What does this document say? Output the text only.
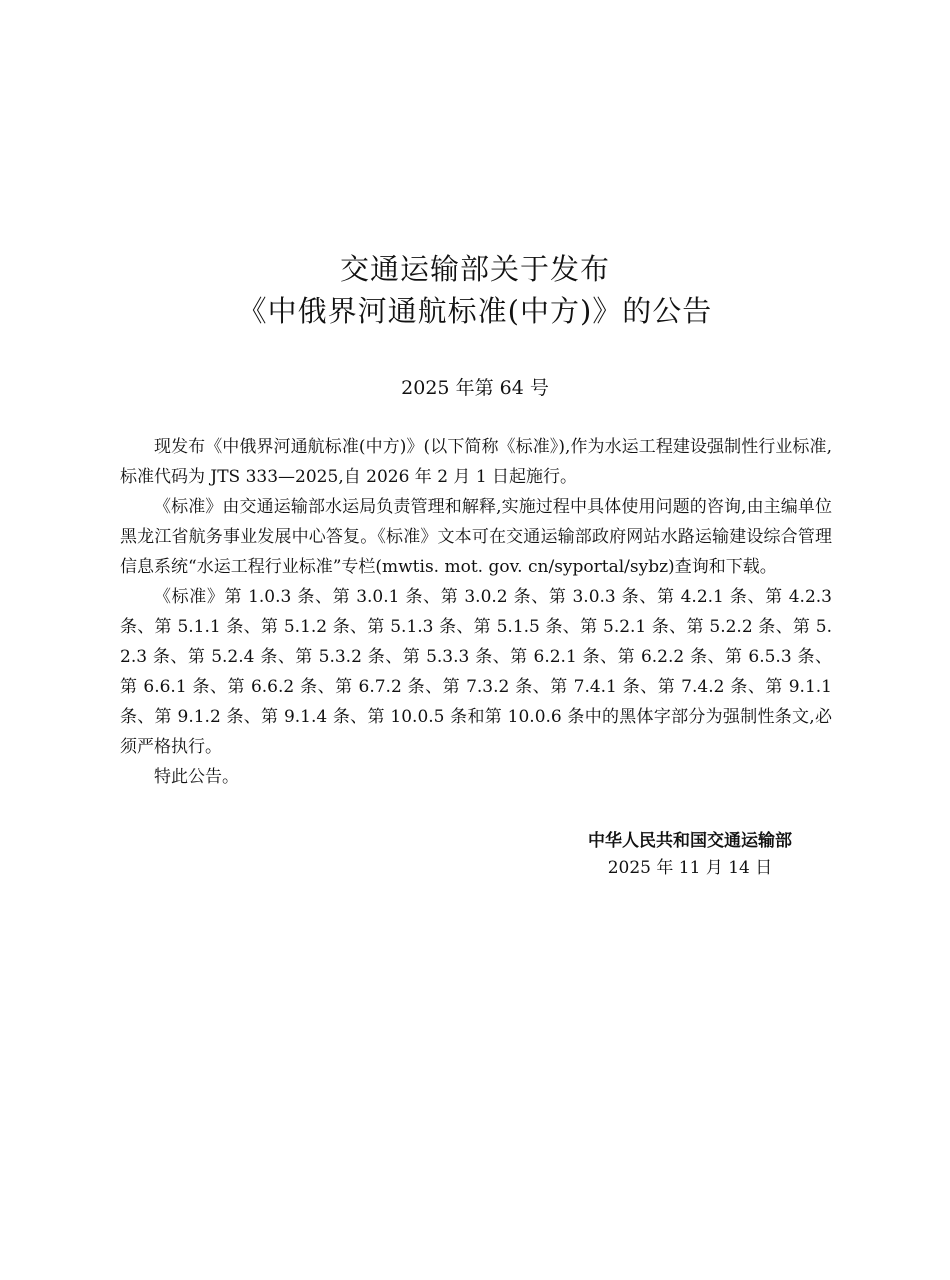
交通运输部关于发布
《中俄界河通航标准(中方)》的公告
2025 年第 64 号

现发布《中俄界河通航标准(中方)》(以下简称《标准》),作为水运工程建设强制性行业标准,标准代码为 JTS 333—2025,自 2026 年 2 月 1 日起施行。

《标准》由交通运输部水运局负责管理和解释,实施过程中具体使用问题的咨询,由主编单位黑龙江省航务事业发展中心答复。《标准》文本可在交通运输部政府网站水路运输建设综合管理信息系统“水运工程行业标准”专栏(mwtis. mot. gov. cn/syportal/sybz)查询和下载。

《标准》第 1.0.3 条、第 3.0.1 条、第 3.0.2 条、第 3.0.3 条、第 4.2.1 条、第 4.2.3 条、第 5.1.1 条、第 5.1.2 条、第 5.1.3 条、第 5.1.5 条、第 5.2.1 条、第 5.2.2 条、第 5.2.3 条、第 5.2.4 条、第 5.3.2 条、第 5.3.3 条、第 6.2.1 条、第 6.2.2 条、第 6.5.3 条、第 6.6.1 条、第 6.6.2 条、第 6.7.2 条、第 7.3.2 条、第 7.4.1 条、第 7.4.2 条、第 9.1.1 条、第 9.1.2 条、第 9.1.4 条、第 10.0.5 条和第 10.0.6 条中的黑体字部分为强制性条文,必须严格执行。

特此公告。

中华人民共和国交通运输部
2025 年 11 月 14 日
